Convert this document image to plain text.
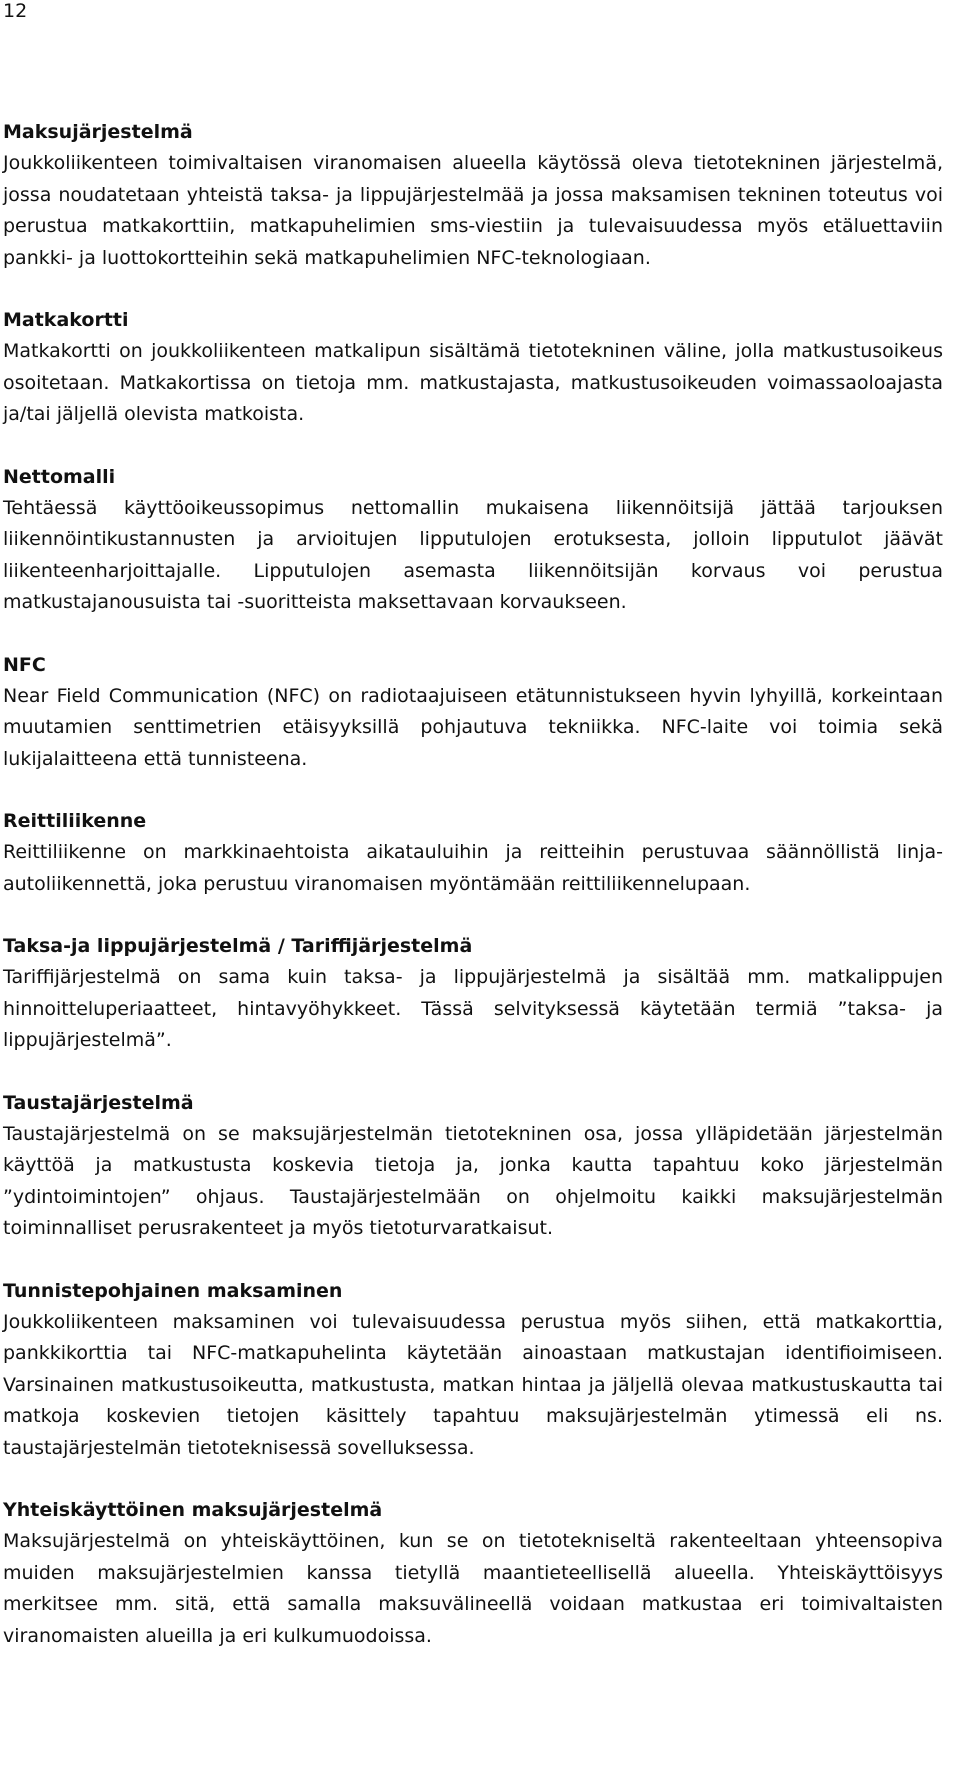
12
Maksujärjestelmä

Joukkoliikenteen toimivaltaisen viranomaisen alueella käytössä oleva tietotekninen järjestelmä, jossa noudatetaan yhteistä taksa- ja lippujärjestelmää ja jossa maksamisen tekninen toteutus voi perustua matkakorttiin, matkapuhelimien sms-viestiin ja tulevaisuudessa myös etäluettaviin pankki- ja luottokortteihin sekä matkapuhelimien NFC-teknologiaan.

Matkakortti

Matkakortti on joukkoliikenteen matkalipun sisältämä tietotekninen väline, jolla matkustusoikeus osoitetaan. Matkakortissa on tietoja mm. matkustajasta, matkustusoikeuden voimassaoloajasta ja/tai jäljellä olevista matkoista.

Nettomalli

Tehtäessä käyttöoikeussopimus nettomallin mukaisena liikennöitsijä jättää tarjouksen liikennöintikustannusten ja arvioitujen lipputulojen erotuksesta, jolloin lipputulot jäävät liikenteenharjoittajalle. Lipputulojen asemasta liikennöitsijän korvaus voi perustua matkustajanousuista tai -suoritteista maksettavaan korvaukseen.

NFC

Near Field Communication (NFC) on radiotaajuiseen etätunnistukseen hyvin lyhyillä, korkeintaan muutamien senttimetrien etäisyyksillä pohjautuva tekniikka. NFC-laite voi toimia sekä lukijalaitteena että tunnisteena.

Reittiliikenne

Reittiliikenne on markkinaehtoista aikatauluihin ja reitteihin perustuvaa säännöllistä linja-autoliikennettä, joka perustuu viranomaisen myöntämään reittiliikennelupaan.

Taksa-ja lippujärjestelmä / Tariffijärjestelmä

Tariffijärjestelmä on sama kuin taksa- ja lippujärjestelmä ja sisältää mm. matkalippujen hinnoitteluperiaatteet, hintavyöhykkeet. Tässä selvityksessä käytetään termiä ”taksa- ja lippujärjestelmä”.

Taustajärjestelmä

Taustajärjestelmä on se maksujärjestelmän tietotekninen osa, jossa ylläpidetään järjestelmän käyttöä ja matkustusta koskevia tietoja ja, jonka kautta tapahtuu koko järjestelmän ”ydintoimintojen” ohjaus. Taustajärjestelmään on ohjelmoitu kaikki maksujärjestelmän toiminnalliset perusrakenteet ja myös tietoturvaratkaisut.

Tunnistepohjainen maksaminen

Joukkoliikenteen maksaminen voi tulevaisuudessa perustua myös siihen, että matkakorttia, pankkikorttia tai NFC-matkapuhelinta käytetään ainoastaan matkustajan identifioimiseen. Varsinainen matkustusoikeutta, matkustusta, matkan hintaa ja jäljellä olevaa matkustuskautta tai matkoja koskevien tietojen käsittely tapahtuu maksujärjestelmän ytimessä eli ns. taustajärjestelmän tietoteknisessä sovelluksessa.

Yhteiskäyttöinen maksujärjestelmä

Maksujärjestelmä on yhteiskäyttöinen, kun se on tietotekniseltä rakenteeltaan yhteensopiva muiden maksujärjestelmien kanssa tietyllä maantieteellisellä alueella. Yhteiskäyttöisyys merkitsee mm. sitä, että samalla maksuvälineellä voidaan matkustaa eri toimivaltaisten viranomaisten alueilla ja eri kulkumuodoissa.
